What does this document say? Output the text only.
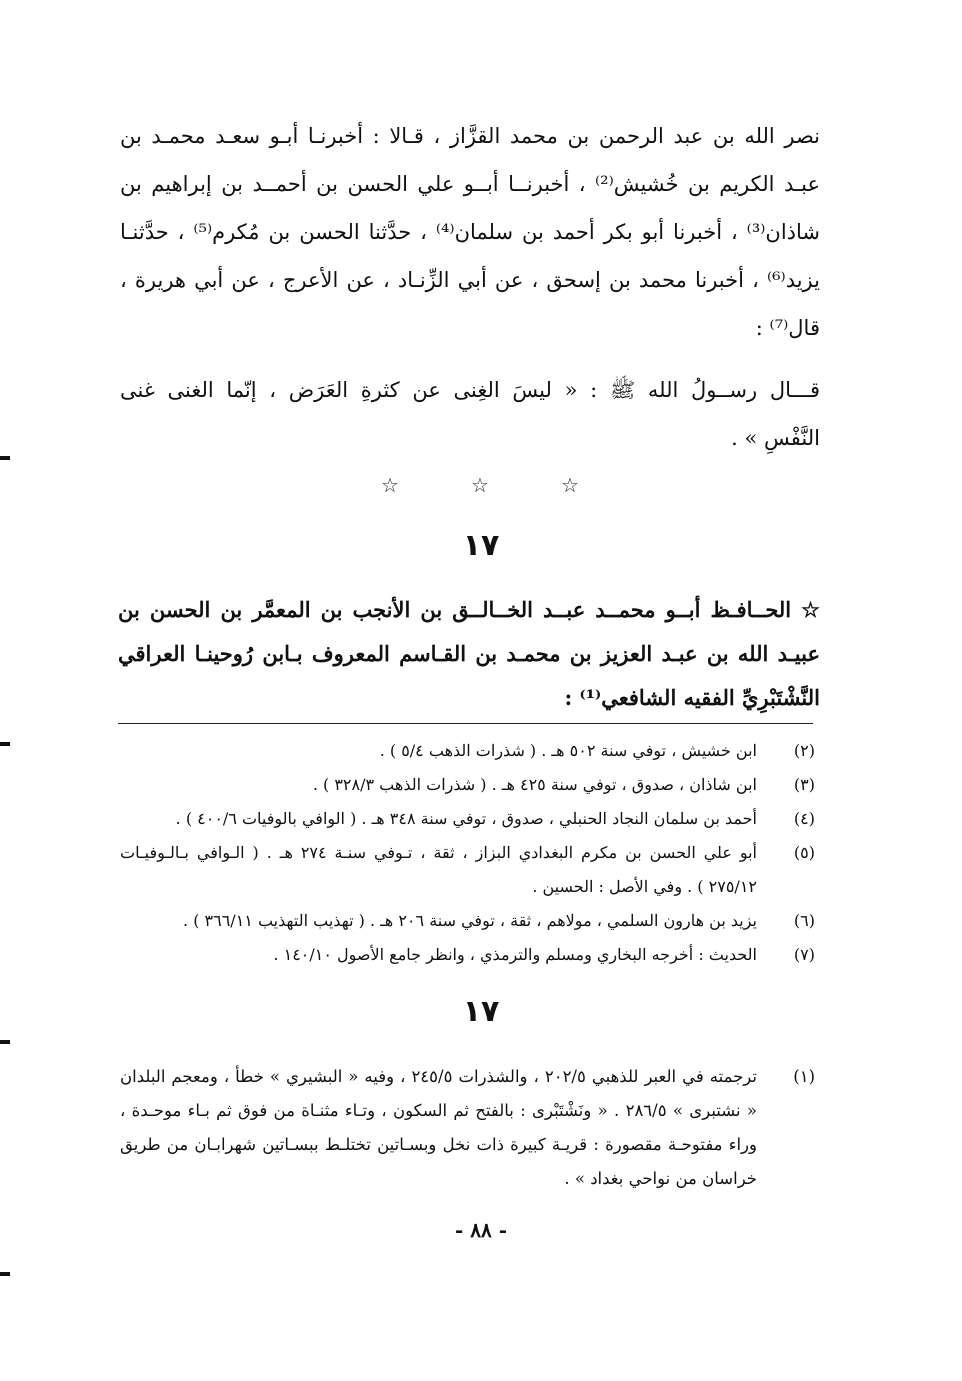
نصر الله بن عبد الرحمن بن محمد القزَّاز ، قـالا : أخبرنـا أبـو سعـد محمـد بن

عبـد الكريم بن خُشيش⁽²⁾ ، أخبرنــا أبــو علي الحسن بن أحمــد بن إبراهيم بن

شاذان⁽³⁾ ، أخبرنا أبو بكر أحمد بن سلمان⁽⁴⁾ ، حدَّثنا الحسن بن مُكرم⁽⁵⁾ ، حدَّثنـا

يزيد⁽⁶⁾ ، أخبرنا محمد بن إسحق ، عن أبي الزِّنـاد ، عن الأعرج ، عن أبي هريرة ،

قال⁽⁷⁾ :

قـــال رســولُ الله ﷺ : « ليسَ الغِنى عن كثرةِ العَرَض ، إنّما الغنى غنى

النَّفْسِ » .

☆	☆	☆
١٧

☆ الحــافـظ أبــو محمــد عبــد الخــالــق بن الأنجب بن المعمَّر بن الحسن بن

عبيـد الله بن عبـد العزيز بن محمـد بن القـاسم المعروف بـابن رُوحينـا العراقي

النَّشْتَبْرِيِّ الفقيه الشافعي⁽¹⁾ :

(٢)
ابن خشيش ، توفي سنة ٥٠٢ هـ . ( شذرات الذهب ٥/٤ ) .
(٣)
ابن شاذان ، صدوق ، توفي سنة ٤٢٥ هـ . ( شذرات الذهب ٣٢٨/٣ ) .
(٤)
أحمد بن سلمان النجاد الحنبلي ، صدوق ، توفي سنة ٣٤٨ هـ . ( الوافي بالوفيات ٤٠٠/٦ ) .
(٥)
أبو علي الحسن بن مكرم البغدادي البزاز ، ثقة ، تـوفي سنـة ٢٧٤ هـ . ( الـوافي بـالـوفيـات
٢٧٥/١٢ ) . وفي الأصل : الحسين .
(٦)
يزيد بن هارون السلمي ، مولاهم ، ثقة ، توفي سنة ٢٠٦ هـ . ( تهذيب التهذيب ٣٦٦/١١ ) .
(٧)
الحديث : أخرجه البخاري ومسلم والترمذي ، وانظر جامع الأصول ١٤٠/١٠ .
١٧
(١)
ترجمته في العبر للذهبي ٢٠٢/٥ ، والشذرات ٢٤٥/٥ ، وفيه « البشيري » خطأ ، ومعجم البلدان
« نشتبرى » ٢٨٦/٥ . « ونَشْتَبْرى : بالفتح ثم السكون ، وتـاء مثنـاة من فوق ثم بـاء موحـدة ،
وراء مفتوحـة مقصورة : قريـة كبيرة ذات نخل وبسـاتين تختلـط ببسـاتين شهرابـان من طريق
خراسان من نواحي بغداد » .
- ٨٨ -
